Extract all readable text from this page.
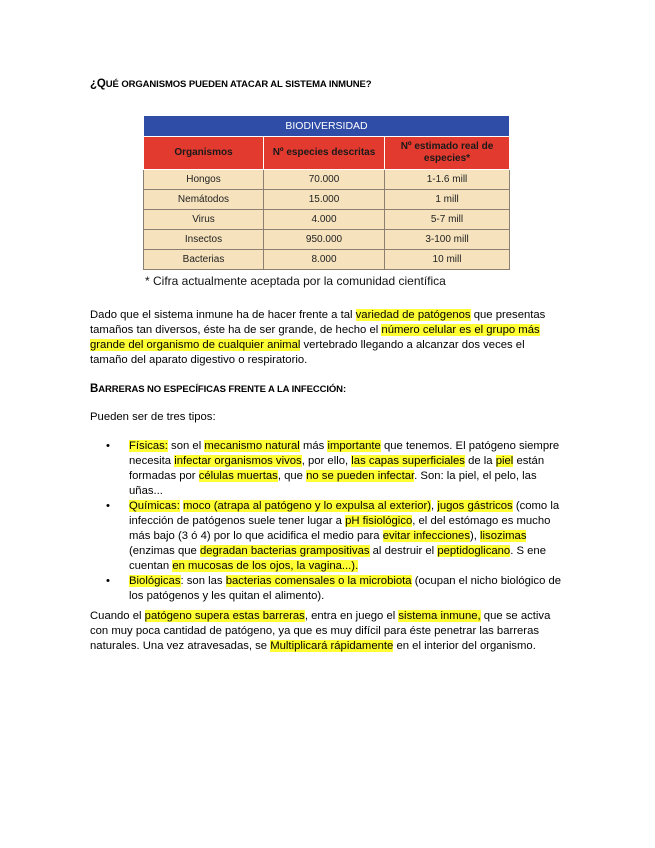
¿QUÉ ORGANISMOS PUEDEN ATACAR AL SISTEMA INMUNE?
BIODIVERSIDAD		
Organismos	Nº especies descritas	Nº estimado real de especies*
Hongos	70.000	1-1.6 mill
Nemátodos	15.000	1 mill
Virus	4.000	5-7 mill
Insectos	950.000	3-100 mill
Bacterias	8.000	10 mill
* Cifra actualmente aceptada por la comunidad científica
Dado que el sistema inmune ha de hacer frente a tal variedad de patógenos que presentas tamaños tan diversos, éste ha de ser grande, de hecho el número celular es el grupo más grande del organismo de cualquier animal vertebrado llegando a alcanzar dos veces el tamaño del aparato digestivo o respiratorio.
BARRERAS NO ESPECÍFICAS FRENTE A LA INFECCIÓN:
Pueden ser de tres tipos:
• Físicas: son el mecanismo natural más importante que tenemos. El patógeno siempre necesita infectar organismos vivos, por ello, las capas superficiales de la piel están formadas por células muertas, que no se pueden infectar. Son: la piel, el pelo, las uñas...
• Químicas: moco (atrapa al patógeno y lo expulsa al exterior), jugos gástricos (como la infección de patógenos suele tener lugar a pH fisiológico, el del estómago es mucho más bajo (3 ó 4) por lo que acidifica el medio para evitar infecciones), lisozimas (enzimas que degradan bacterias grampositivas al destruir el peptidoglicano. S ene cuentan en mucosas de los ojos, la vagina...).
• Biológicas: son las bacterias comensales o la microbiota (ocupan el nicho biológico de los patógenos y les quitan el alimento).
Cuando el patógeno supera estas barreras, entra en juego el sistema inmune, que se activa con muy poca cantidad de patógeno, ya que es muy difícil para éste penetrar las barreras naturales. Una vez atravesadas, se Multiplicará rápidamente en el interior del organismo.
